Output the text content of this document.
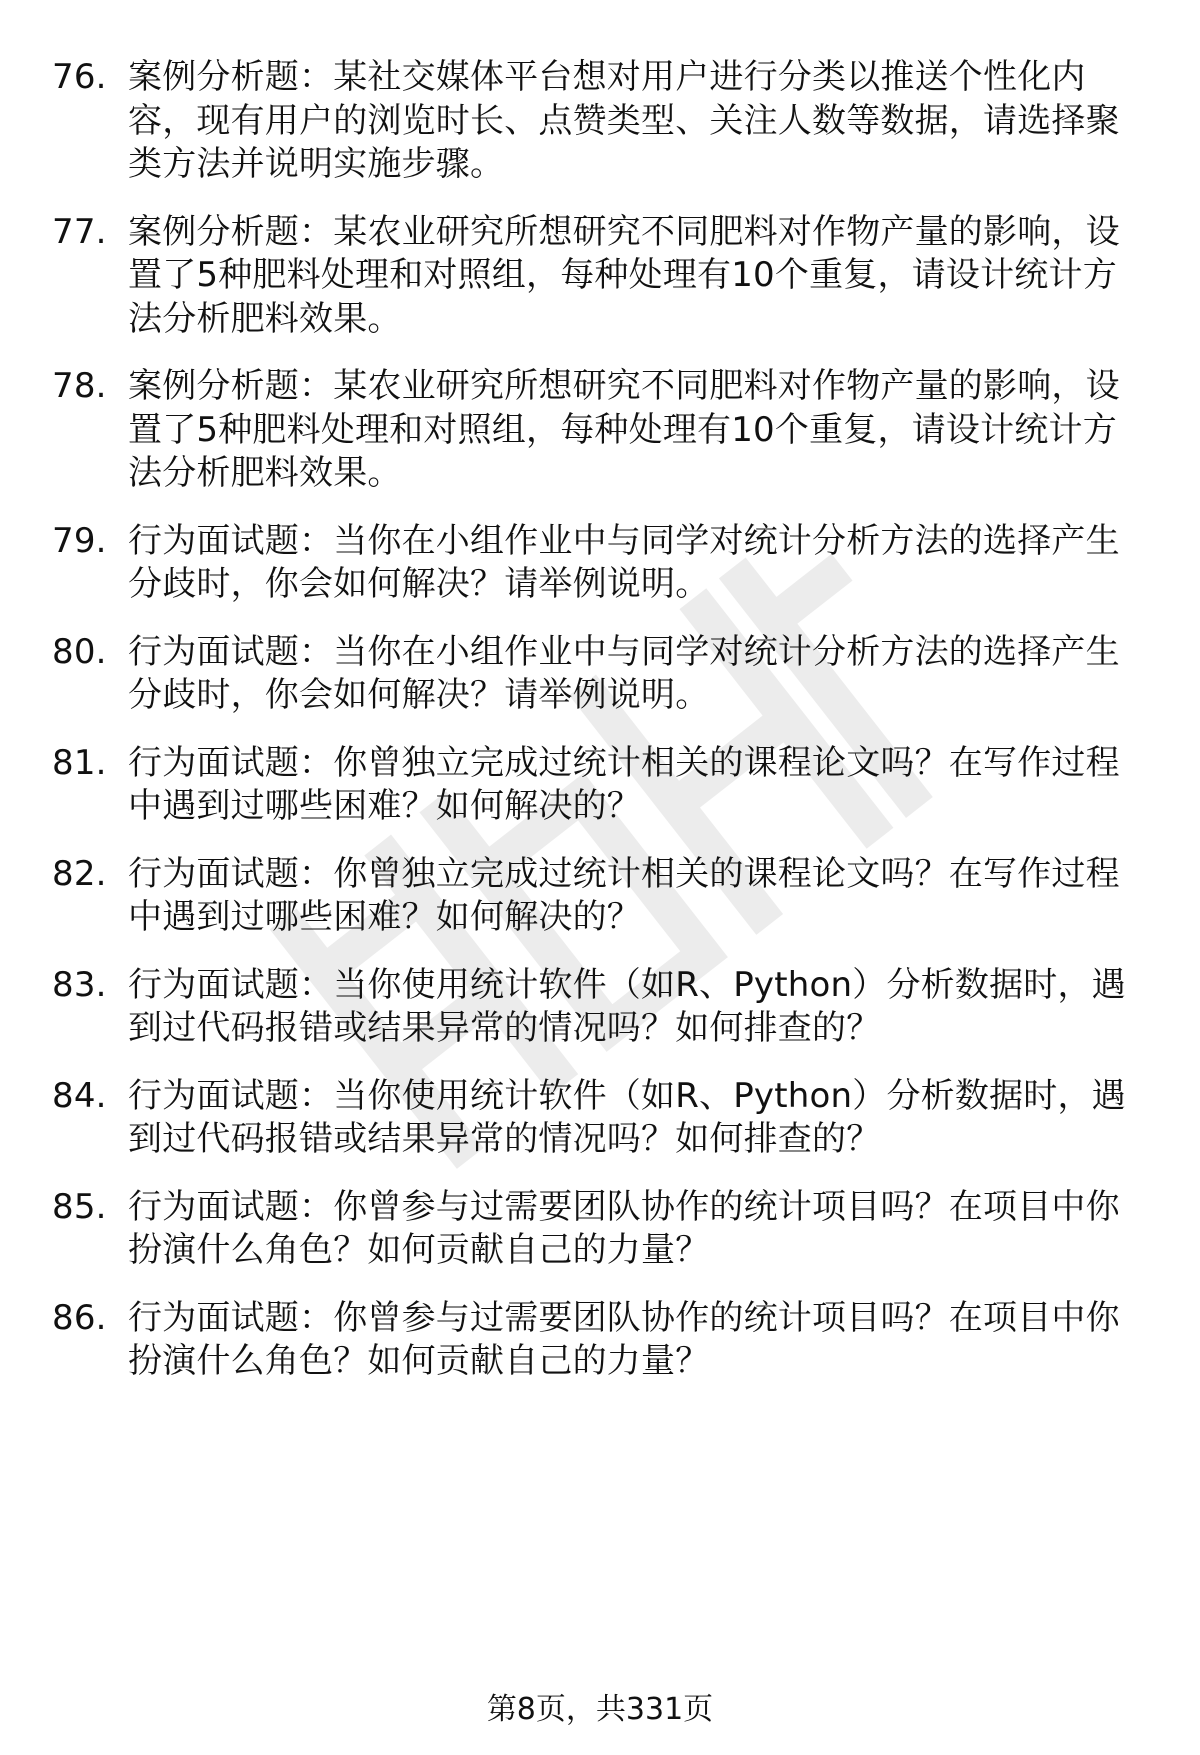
76. 案例分析题：某社交媒体平台想对用户进行分类以推送个性化内容，现有用户的浏览时长、点赞类型、关注人数等数据，请选择聚类方法并说明实施步骤。
77. 案例分析题：某农业研究所想研究不同肥料对作物产量的影响，设置了5种肥料处理和对照组，每种处理有10个重复，请设计统计方法分析肥料效果。
78. 案例分析题：某农业研究所想研究不同肥料对作物产量的影响，设置了5种肥料处理和对照组，每种处理有10个重复，请设计统计方法分析肥料效果。
79. 行为面试题：当你在小组作业中与同学对统计分析方法的选择产生分歧时，你会如何解决？请举例说明。
80. 行为面试题：当你在小组作业中与同学对统计分析方法的选择产生分歧时，你会如何解决？请举例说明。
81. 行为面试题：你曾独立完成过统计相关的课程论文吗？在写作过程中遇到过哪些困难？如何解决的？
82. 行为面试题：你曾独立完成过统计相关的课程论文吗？在写作过程中遇到过哪些困难？如何解决的？
83. 行为面试题：当你使用统计软件（如R、Python）分析数据时，遇到过代码报错或结果异常的情况吗？如何排查的？
84. 行为面试题：当你使用统计软件（如R、Python）分析数据时，遇到过代码报错或结果异常的情况吗？如何排查的？
85. 行为面试题：你曾参与过需要团队协作的统计项目吗？在项目中你扮演什么角色？如何贡献自己的力量？
86. 行为面试题：你曾参与过需要团队协作的统计项目吗？在项目中你扮演什么角色？如何贡献自己的力量？
第8页，共331页
